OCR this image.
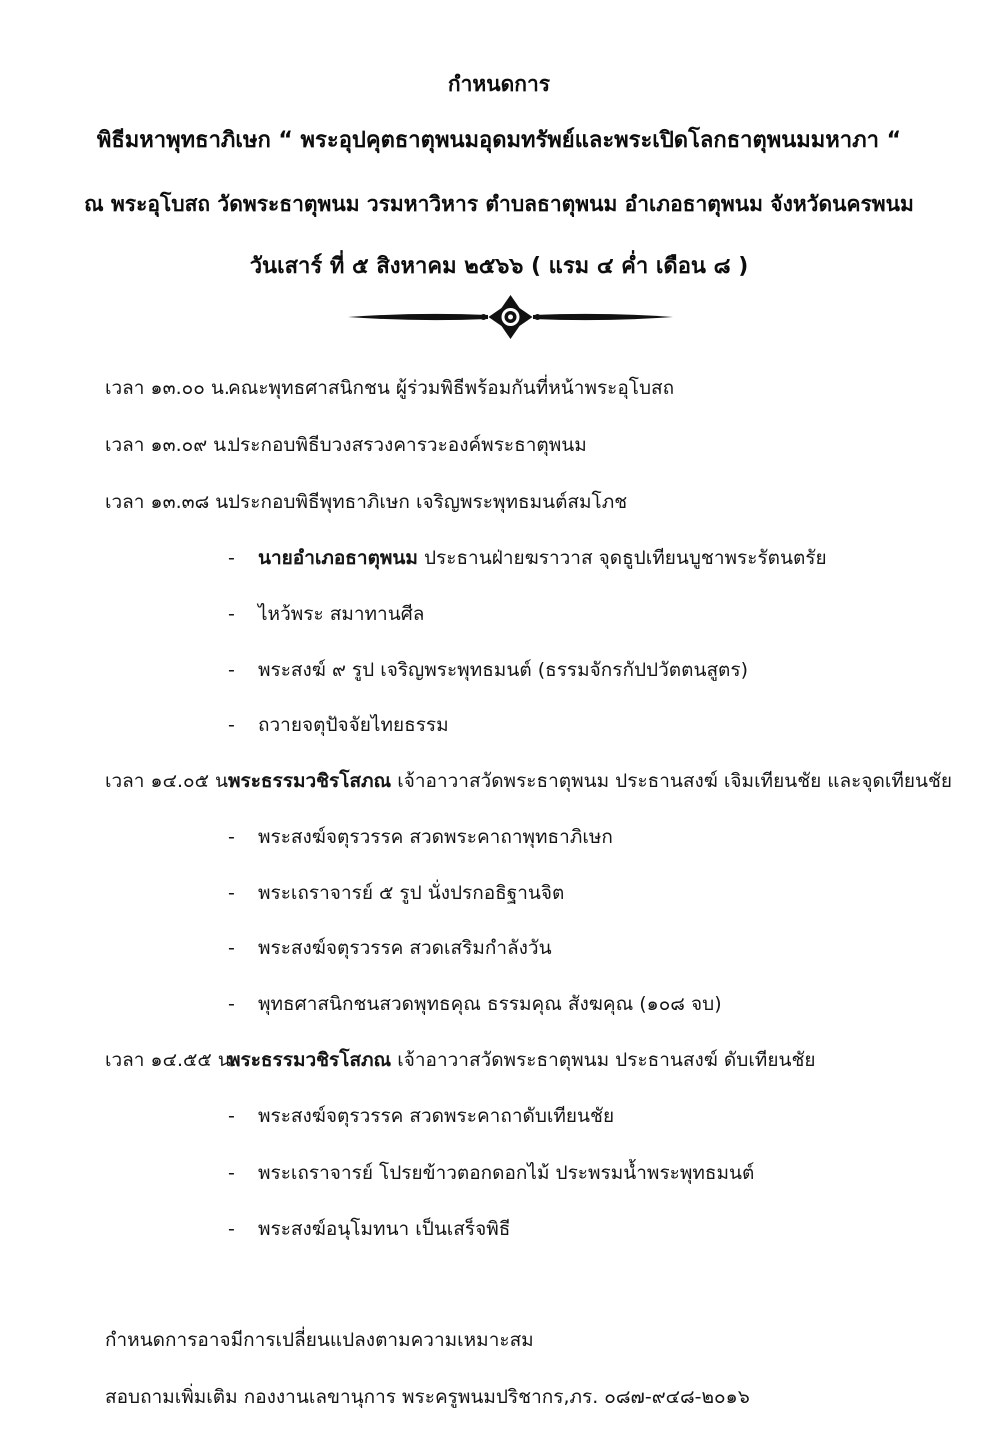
กำหนดการ
พิธีมหาพุทธาภิเษก “ พระอุปคุตธาตุพนมอุดมทรัพย์และพระเปิดโลกธาตุพนมมหาภา “
ณ พระอุโบสถ วัดพระธาตุพนม วรมหาวิหาร ตำบลธาตุพนม อำเภอธาตุพนม จังหวัดนครพนม
วันเสาร์ ที่ ๕ สิงหาคม ๒๕๖๖ ( แรม ๔ ค่ำ เดือน ๘ )
เวลา ๑๓.๐๐ น.คณะพุทธศาสนิกชน ผู้ร่วมพิธีพร้อมกันที่หน้าพระอุโบสถ
เวลา ๑๓.๐๙ น.ประกอบพิธีบวงสรวงคารวะองค์พระธาตุพนม
เวลา ๑๓.๓๘ น.ประกอบพิธีพุทธาภิเษก เจริญพระพุทธมนต์สมโภช
- นายอำเภอธาตุพนม ประธานฝ่ายฆราวาส จุดธูปเทียนบูชาพระรัตนตรัย
- ไหว้พระ สมาทานศีล
- พระสงฆ์ ๙ รูป เจริญพระพุทธมนต์ (ธรรมจักรกัปปวัตตนสูตร)
- ถวายจตุปัจจัยไทยธรรม
เวลา ๑๔.๐๕ น.พระธรรมวชิรโสภณ เจ้าอาวาสวัดพระธาตุพนม ประธานสงฆ์ เจิมเทียนชัย และจุดเทียนชัย
- พระสงฆ์จตุรวรรค สวดพระคาถาพุทธาภิเษก
- พระเถราจารย์ ๕ รูป นั่งปรกอธิฐานจิต
- พระสงฆ์จตุรวรรค สวดเสริมกำลังวัน
- พุทธศาสนิกชนสวดพุทธคุณ ธรรมคุณ สังฆคุณ (๑๐๘ จบ)
เวลา ๑๔.๕๕ น.พระธรรมวชิรโสภณ เจ้าอาวาสวัดพระธาตุพนม ประธานสงฆ์ ดับเทียนชัย
- พระสงฆ์จตุรวรรค สวดพระคาถาดับเทียนชัย
- พระเถราจารย์ โปรยข้าวตอกดอกไม้ ประพรมน้ำพระพุทธมนต์
- พระสงฆ์อนุโมทนา เป็นเสร็จพิธี
กำหนดการอาจมีการเปลี่ยนแปลงตามความเหมาะสม
สอบถามเพิ่มเติม กองงานเลขานุการ พระครูพนมปริชากร,ภร. ๐๘๗-๙๔๘-๒๐๑๖
